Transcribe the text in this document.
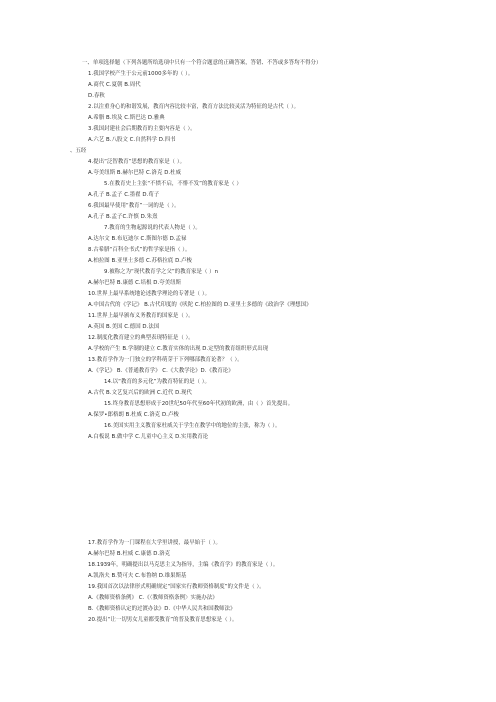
一、单项选择题（下列各题所给选项中只有一个符合题意的正确答案，答错、不答或多答均不得分）
1.我国学校产生于公元前1000多年的（ ）。
A.商代 C.夏朝 B.周代
D.春秋
2.以注重身心的和谐发展，教育内容比较丰富，教育方法比较灵活为特征的是古代（ ）。
A.希腊 B.埃及 C.斯巴达 D.雅典
3.我国封建社会后期教育的主要内容是（ ）。
A.六艺 B.八股文 C.自然科学 D.四书
、五经
4.提出“泛智教育”思想的教育家是（ ）。
A.夸美纽斯 B.赫尔巴特 C.洛克 D.杜威
5.在教育史上主张“不愤不启，不悱不发”的教育家是（ ）
A.孔子 B.孟子 C.墨翟 D.荀子
6.我国最早使用“教育”一词的是（ ）。
A.孔子 B.孟子C.许慎 D.朱熹
7.教育的生物起源说的代表人物是（ ）。
A.达尔文 B.布厄迪尔 C.斯图尔德 D.孟禄
8.古希腊“百科全书式”的哲学家是指（ ）。
A.柏拉图 B.亚里士多德 C.苏格拉底 D.卢梭
9.被称之为“现代教育学之父”的教育家是（ ）n
A.赫尔巴特 B.康德 C.培根 D.夸美纽斯
10.世界上最早系统地论述教学理论的专著是（ ）。
A.中国古代的《学记》 B.古代印度的《吠陀 C.柏拉图的 D.亚里士多德的《政治学《理想国》
11.世界上最早颁布义务教育的国家是（ ）。
A.英国 B.美国 C.德国 D.法国
12.制度化教育建立的典型表现特征是（ ）。
A.学校的产生 B.学制的建立 C.教育实体的出现 D.定型的教育组织形式出现
13.教育学作为一门独立的学科萌芽于下列哪部教育论著？（ ）。
A.《学记》 B.《普通教育学》 C.《大教学论》D.《教育论》
14.以“教育的多元化”为教育特征的是（ ）。
A.古代 B.文艺复兴后的欧洲 C.近代 D.现代
15.终身教育思想形成于20世纪50年代至60年代初的欧洲，由（ ）首先提出。
A.保罗•郎格朗 B.杜威 C.洛克 D.卢梭
16.美国实用主义教育家杜威关于学生在教学中的地位的主张，称为（ ）。
A.白板说 B.做中学 C.儿童中心主义 D.实用教育论
17.教育学作为一门课程在大学里讲授，最早始于（ ）。
A.赫尔巴特 B.杜威 C.康德 D.洛克
18.1939年，明确提出以马克思主义为指导，主编《教育学》的教育家是（ ）。
A.凯洛夫 B.赞可夫 C.布鲁纳 D.维果斯基
19.我国首次以法律形式明确规定“国家实行教师资格制度”的文件是（ ）。
A.《教师资格条例》 C.《〈教师资格条例〉实施办法》
B.《教师资格认定的过渡办法》D.《中华人民共和国教师法》
20.提出“让一切男女儿童都受教育”的普及教育思想家是（ ）。
